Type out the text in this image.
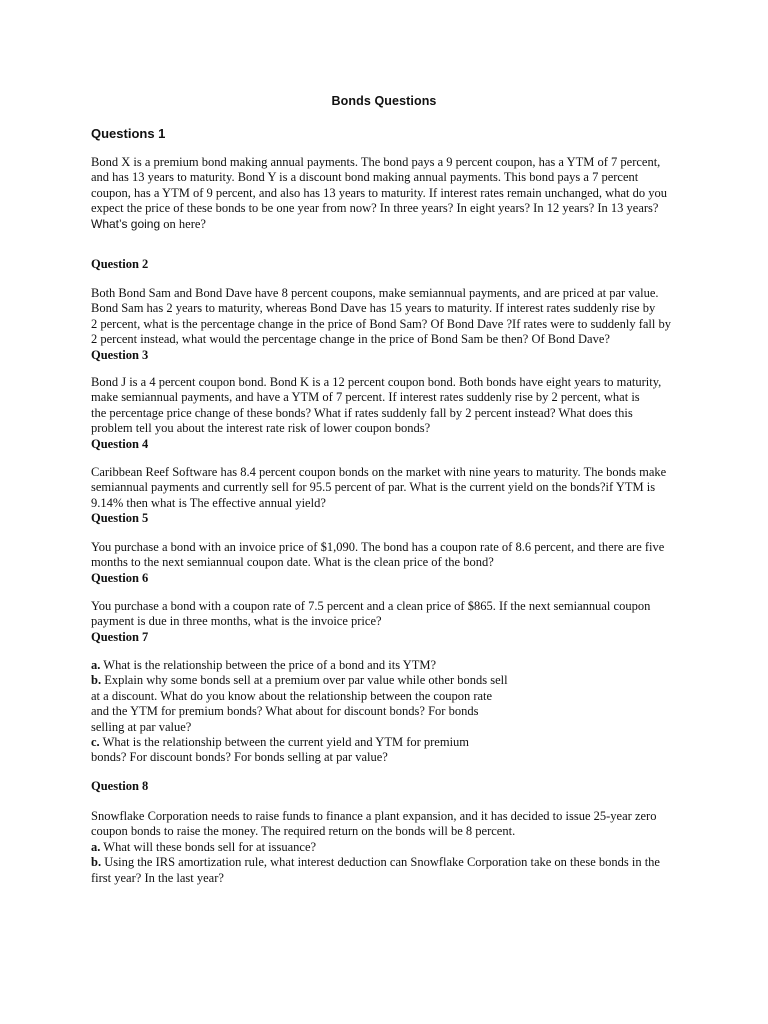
Bonds Questions
Questions 1
Bond X is a premium bond making annual payments. The bond pays a 9 percent coupon, has a YTM of 7 percent,
and has 13 years to maturity. Bond Y is a discount bond making annual payments. This bond pays a 7 percent
coupon, has a YTM of 9 percent, and also has 13 years to maturity. If interest rates remain unchanged, what do you
expect the price of these bonds to be one year from now? In three years? In eight years? In 12 years? In 13 years?
What’s going on here?
Question 2
Both Bond Sam and Bond Dave have 8 percent coupons, make semiannual payments, and are priced at par value.
Bond Sam has 2 years to maturity, whereas Bond Dave has 15 years to maturity. If interest rates suddenly rise by
2 percent, what is the percentage change in the price of Bond Sam? Of Bond Dave ?If rates were to suddenly fall by
2 percent instead, what would the percentage change in the price of Bond Sam be then? Of Bond Dave?
Question 3
Bond J is a 4 percent coupon bond. Bond K is a 12 percent coupon bond. Both bonds have eight years to maturity,
make semiannual payments, and have a YTM of 7 percent. If interest rates suddenly rise by 2 percent, what is
the percentage price change of these bonds? What if rates suddenly fall by 2 percent instead? What does this
problem tell you about the interest rate risk of lower coupon bonds?
Question 4
Caribbean Reef Software has 8.4 percent coupon bonds on the market with nine years to maturity. The bonds make
semiannual payments and currently sell for 95.5 percent of par. What is the current yield on the bonds?if YTM is
9.14% then what is The effective annual yield?
Question 5
You purchase a bond with an invoice price of $1,090. The bond has a coupon rate of 8.6 percent, and there are five
months to the next semiannual coupon date. What is the clean price of the bond?
Question 6
You purchase a bond with a coupon rate of 7.5 percent and a clean price of $865. If the next semiannual coupon
payment is due in three months, what is the invoice price?
Question 7
a. What is the relationship between the price of a bond and its YTM?
b. Explain why some bonds sell at a premium over par value while other bonds sell
at a discount. What do you know about the relationship between the coupon rate
and the YTM for premium bonds? What about for discount bonds? For bonds
selling at par value?
c. What is the relationship between the current yield and YTM for premium
bonds? For discount bonds? For bonds selling at par value?
Question 8
Snowflake Corporation needs to raise funds to finance a plant expansion, and it has decided to issue 25-year zero
coupon bonds to raise the money. The required return on the bonds will be 8 percent.
a. What will these bonds sell for at issuance?
b. Using the IRS amortization rule, what interest deduction can Snowflake Corporation take on these bonds in the
first year? In the last year?
